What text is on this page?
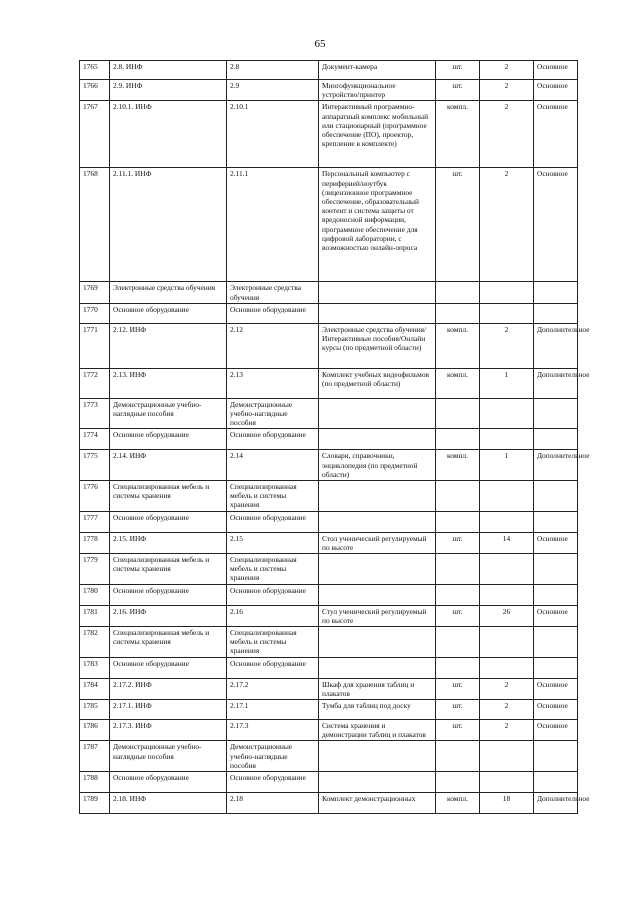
65
1765	2.8. ИНФ	2.8	Документ-камера	шт.	2	Основное
1766	2.9. ИНФ	2.9	Многофункциональное устройство/принтер	шт.	2	Основное
1767	2.10.1. ИНФ	2.10.1	Интерактивный программно-аппаратный комплекс мобильный или стационарный (программное обеспечение (ПО), проектор, крепление в комплекте)	компл.	2	Основное
1768	2.11.1. ИНФ	2.11.1	Персональный компьютер с периферией/ноутбук (лицензионное программное обеспечение, образовательный контент и система защиты от вредоносной информации, программное обеспечение для цифровой лаборатории, с возможностью онлайн-опроса	шт.	2	Основное
1769	Электронные средства обучения	Электронные средства обучения				
1770	Основное оборудование	Основное оборудование				
1771	2.12. ИНФ	2.12	Электронные средства обучения/Интерактивные пособия/Онлайн курсы (по предметной области)	компл.	2	Дополнительное
1772	2.13. ИНФ	2.13	Комплект учебных видеофильмов (по предметной области)	компл.	1	Дополнительное
1773	Демонстрационные учебно-наглядные пособия	Демонстрационные учебно-наглядные пособия				
1774	Основное оборудование	Основное оборудование				
1775	2.14. ИНФ	2.14	Словари, справочники, энциклопедия (по предметной области)	компл.	1	Дополнительное
1776	Специализированная мебель и системы хранения	Специализированная мебель и системы хранения				
1777	Основное оборудование	Основное оборудование				
1778	2.15. ИНФ	2.15	Стол ученический регулируемый по высоте	шт.	14	Основное
1779	Специализированная мебель и системы хранения	Специализированная мебель и системы хранения				
1780	Основное оборудование	Основное оборудование				
1781	2.16. ИНФ	2.16	Стул ученический регулируемый по высоте	шт.	26	Основное
1782	Специализированная мебель и системы хранения	Специализированная мебель и системы хранения				
1783	Основное оборудование	Основное оборудование				
1784	2.17.2. ИНФ	2.17.2	Шкаф для хранения таблиц и плакатов	шт.	2	Основное
1785	2.17.1. ИНФ	2.17.1	Тумба для таблиц под доску	шт.	2	Основное
1786	2.17.3. ИНФ	2.17.3	Система хранения и демонстрации таблиц и плакатов	шт.	2	Основное
1787	Демонстрационные учебно-наглядные пособия	Демонстрационные учебно-наглядные пособия				
1788	Основное оборудование	Основное оборудование				
1789	2.18. ИНФ	2.18	Комплект демонстрационных	компл.	18	Дополнительное
